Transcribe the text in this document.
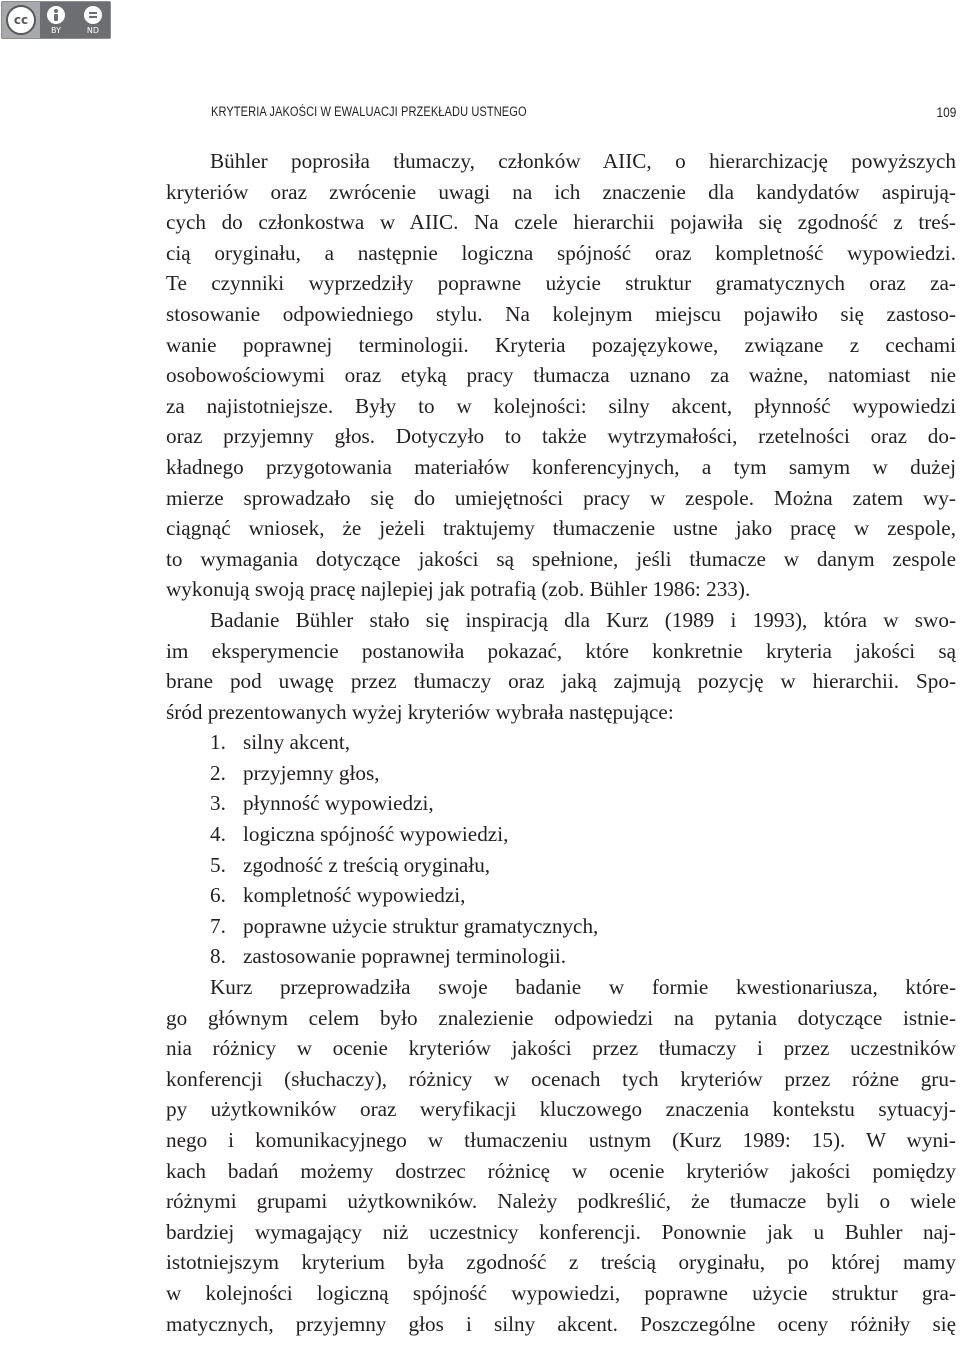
cc
BY	ND
KRYTERIA JAKOŚCI W EWALUACJI PRZEKŁADU USTNEGO	109
Bühler poprosiła tłumaczy, członków AIIC, o hierarchizację powyższych
kryteriów oraz zwrócenie uwagi na ich znaczenie dla kandydatów aspirują-
cych do członkostwa w AIIC. Na czele hierarchii pojawiła się zgodność z treś-
cią oryginału, a następnie logiczna spójność oraz kompletność wypowiedzi.
Te czynniki wyprzedziły poprawne użycie struktur gramatycznych oraz za-
stosowanie odpowiedniego stylu. Na kolejnym miejscu pojawiło się zastoso-
wanie poprawnej terminologii. Kryteria pozajęzykowe, związane z cechami
osobowościowymi oraz etyką pracy tłumacza uznano za ważne, natomiast nie
za najistotniejsze. Były to w kolejności: silny akcent, płynność wypowiedzi
oraz przyjemny głos. Dotyczyło to także wytrzymałości, rzetelności oraz do-
kładnego przygotowania materiałów konferencyjnych, a tym samym w dużej
mierze sprowadzało się do umiejętności pracy w zespole. Można zatem wy-
ciągnąć wniosek, że jeżeli traktujemy tłumaczenie ustne jako pracę w zespole,
to wymagania dotyczące jakości są spełnione, jeśli tłumacze w danym zespole
wykonują swoją pracę najlepiej jak potrafią (zob. Bühler 1986: 233).
Badanie Bühler stało się inspiracją dla Kurz (1989 i 1993), która w swo-
im eksperymencie postanowiła pokazać, które konkretnie kryteria jakości są
brane pod uwagę przez tłumaczy oraz jaką zajmują pozycję w hierarchii. Spo-
śród prezentowanych wyżej kryteriów wybrała następujące:
1. silny akcent,
2. przyjemny głos,
3. płynność wypowiedzi,
4. logiczna spójność wypowiedzi,
5. zgodność z treścią oryginału,
6. kompletność wypowiedzi,
7. poprawne użycie struktur gramatycznych,
8. zastosowanie poprawnej terminologii.
Kurz przeprowadziła swoje badanie w formie kwestionariusza, które-
go głównym celem było znalezienie odpowiedzi na pytania dotyczące istnie-
nia różnicy w ocenie kryteriów jakości przez tłumaczy i przez uczestników
konferencji (słuchaczy), różnicy w ocenach tych kryteriów przez różne gru-
py użytkowników oraz weryfikacji kluczowego znaczenia kontekstu sytuacyj-
nego i komunikacyjnego w tłumaczeniu ustnym (Kurz 1989: 15). W wyni-
kach badań możemy dostrzec różnicę w ocenie kryteriów jakości pomiędzy
różnymi grupami użytkowników. Należy podkreślić, że tłumacze byli o wiele
bardziej wymagający niż uczestnicy konferencji. Ponownie jak u Buhler naj-
istotniejszym kryterium była zgodność z treścią oryginału, po której mamy
w kolejności logiczną spójność wypowiedzi, poprawne użycie struktur gra-
matycznych, przyjemny głos i silny akcent. Poszczególne oceny różniły się
